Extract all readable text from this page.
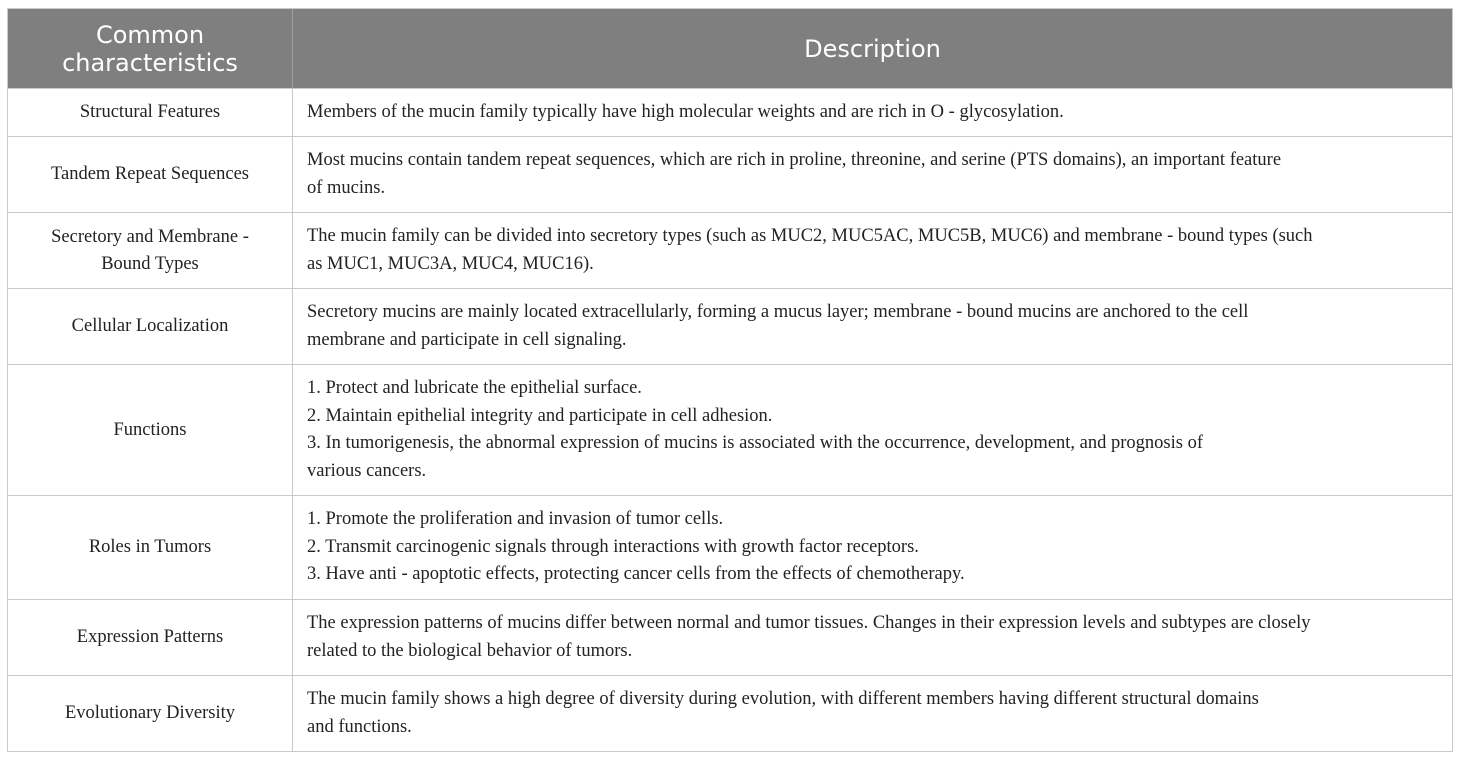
Common
characteristics	Description
Structural Features	Members of the mucin family typically have high molecular weights and are rich in O - glycosylation.
Tandem Repeat Sequences
Most mucins contain tandem repeat sequences, which are rich in proline, threonine, and serine (PTS domains), an important feature
of mucins.
Secretory and Membrane -
Bound Types
The mucin family can be divided into secretory types (such as MUC2, MUC5AC, MUC5B, MUC6) and membrane - bound types (such
as MUC1, MUC3A, MUC4, MUC16).
Cellular Localization
Secretory mucins are mainly located extracellularly, forming a mucus layer; membrane - bound mucins are anchored to the cell
membrane and participate in cell signaling.
Functions
1. Protect and lubricate the epithelial surface.
2. Maintain epithelial integrity and participate in cell adhesion.
3. In tumorigenesis, the abnormal expression of mucins is associated with the occurrence, development, and prognosis of
various cancers.
Roles in Tumors
1. Promote the proliferation and invasion of tumor cells.
2. Transmit carcinogenic signals through interactions with growth factor receptors.
3. Have anti - apoptotic effects, protecting cancer cells from the effects of chemotherapy.
Expression Patterns
The expression patterns of mucins differ between normal and tumor tissues. Changes in their expression levels and subtypes are closely
related to the biological behavior of tumors.
Evolutionary Diversity
The mucin family shows a high degree of diversity during evolution, with different members having different structural domains
and functions.
